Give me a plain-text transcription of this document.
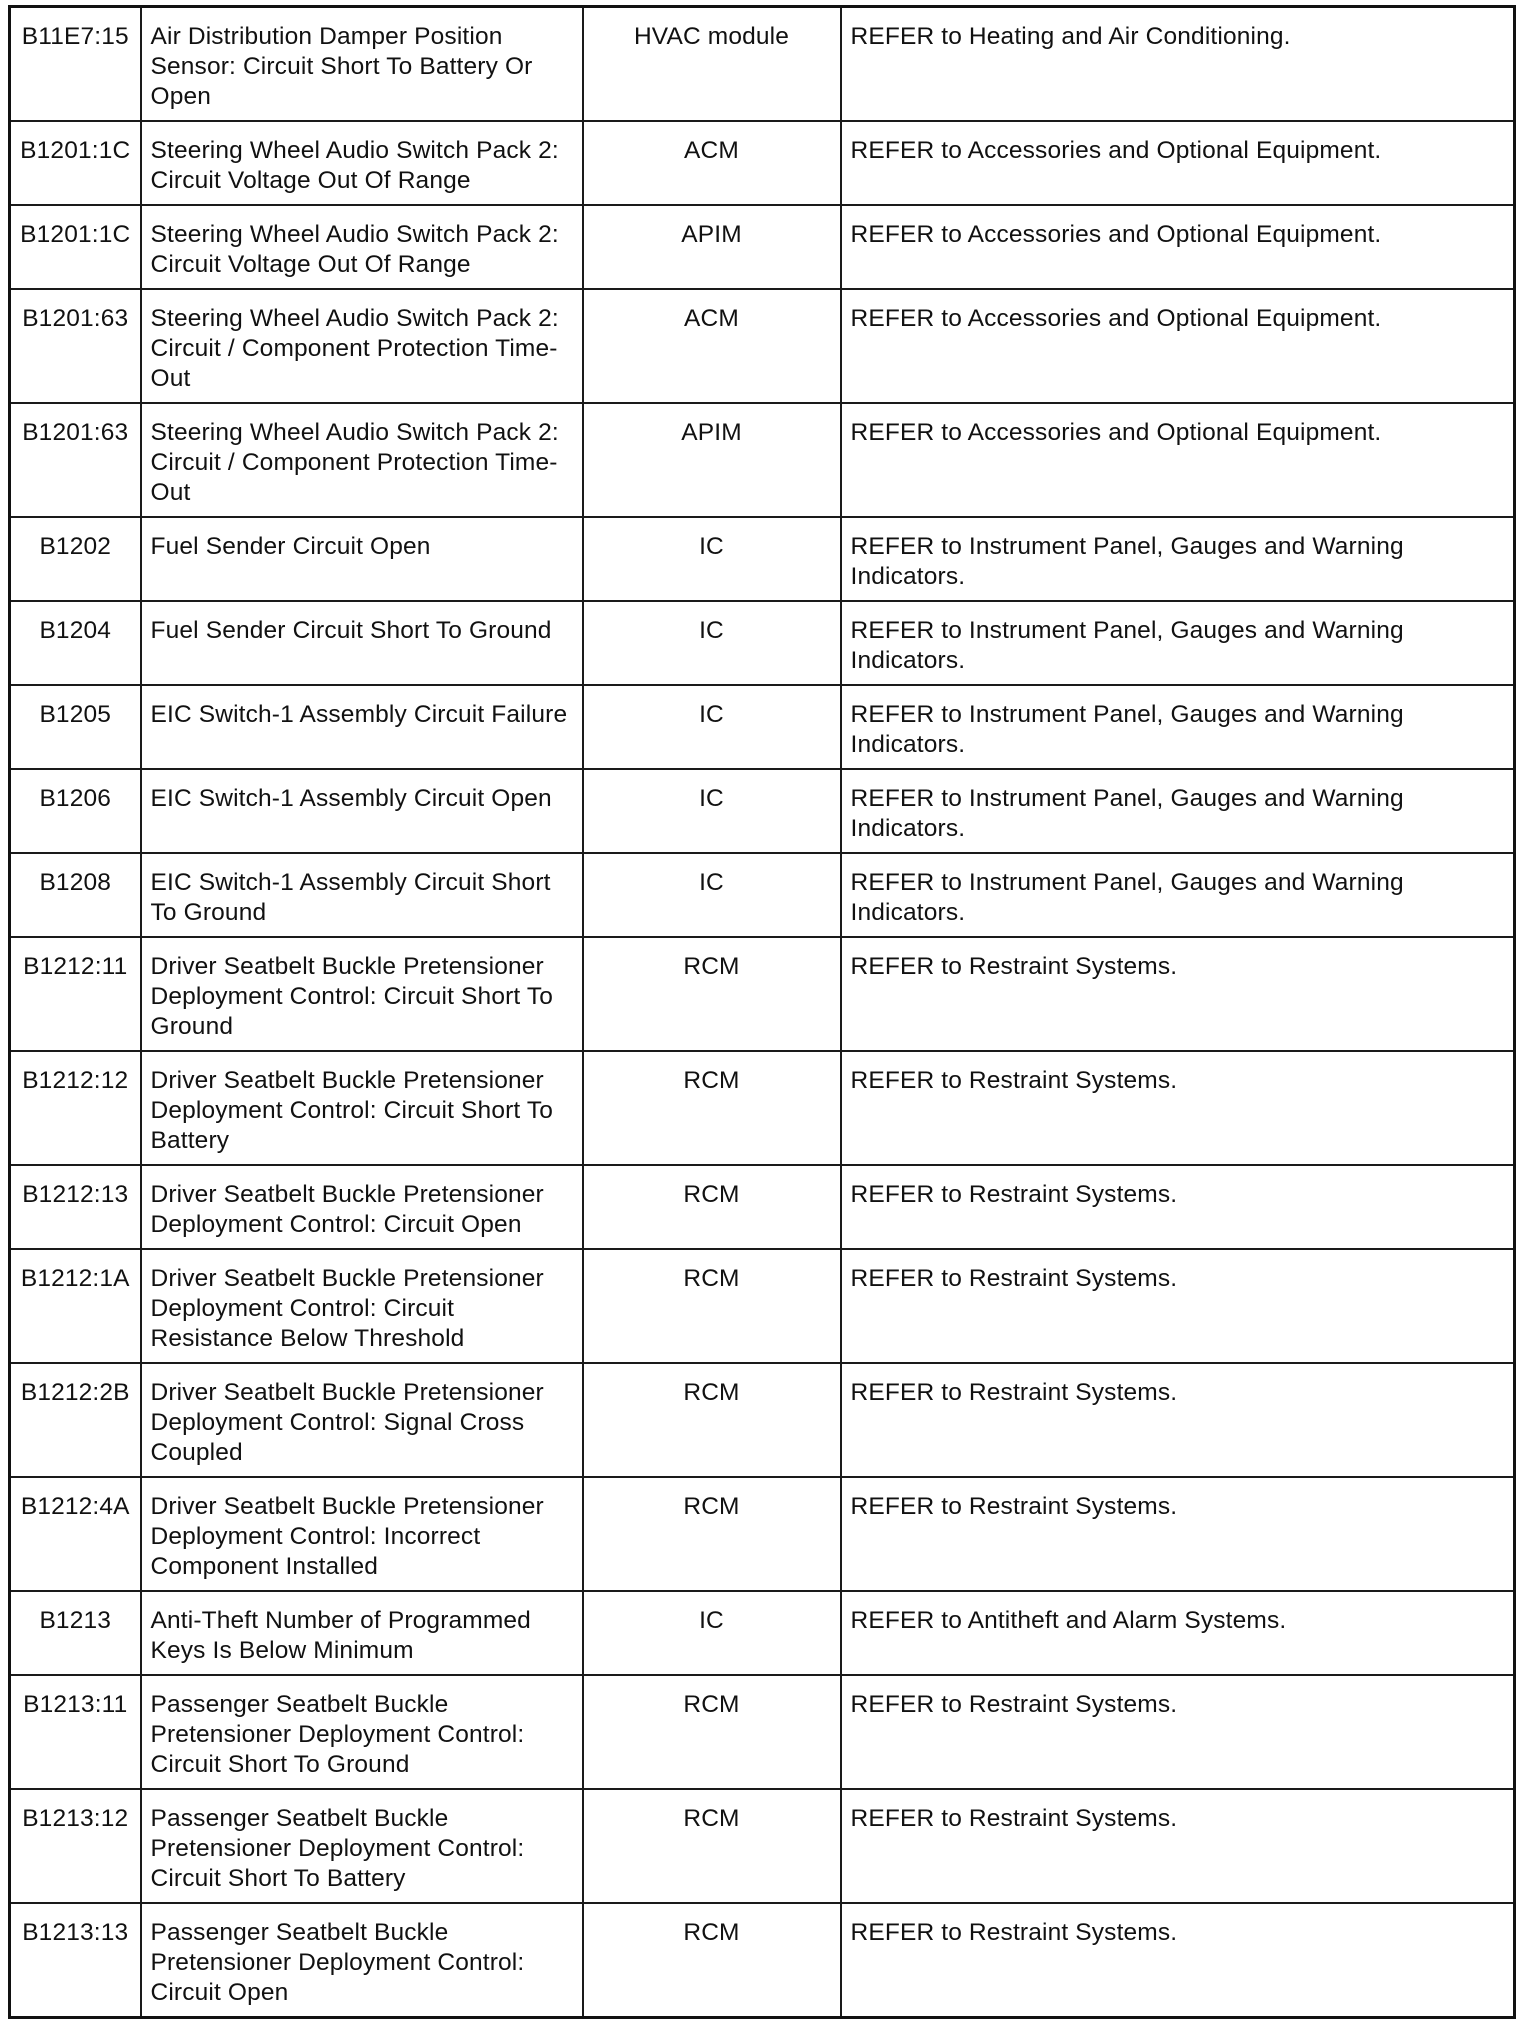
B11E7:15	Air Distribution Damper Position Sensor: Circuit Short To Battery Or Open	HVAC module	REFER to Heating and Air Conditioning.
B1201:1C	Steering Wheel Audio Switch Pack 2: Circuit Voltage Out Of Range	ACM	REFER to Accessories and Optional Equipment.
B1201:1C	Steering Wheel Audio Switch Pack 2: Circuit Voltage Out Of Range	APIM	REFER to Accessories and Optional Equipment.
B1201:63	Steering Wheel Audio Switch Pack 2: Circuit / Component Protection Time-Out	ACM	REFER to Accessories and Optional Equipment.
B1201:63	Steering Wheel Audio Switch Pack 2: Circuit / Component Protection Time-Out	APIM	REFER to Accessories and Optional Equipment.
B1202	Fuel Sender Circuit Open	IC	REFER to Instrument Panel, Gauges and Warning Indicators.
B1204	Fuel Sender Circuit Short To Ground	IC	REFER to Instrument Panel, Gauges and Warning Indicators.
B1205	EIC Switch-1 Assembly Circuit Failure	IC	REFER to Instrument Panel, Gauges and Warning Indicators.
B1206	EIC Switch-1 Assembly Circuit Open	IC	REFER to Instrument Panel, Gauges and Warning Indicators.
B1208	EIC Switch-1 Assembly Circuit Short To Ground	IC	REFER to Instrument Panel, Gauges and Warning Indicators.
B1212:11	Driver Seatbelt Buckle Pretensioner Deployment Control: Circuit Short To Ground	RCM	REFER to Restraint Systems.
B1212:12	Driver Seatbelt Buckle Pretensioner Deployment Control: Circuit Short To Battery	RCM	REFER to Restraint Systems.
B1212:13	Driver Seatbelt Buckle Pretensioner Deployment Control: Circuit Open	RCM	REFER to Restraint Systems.
B1212:1A	Driver Seatbelt Buckle Pretensioner Deployment Control: Circuit Resistance Below Threshold	RCM	REFER to Restraint Systems.
B1212:2B	Driver Seatbelt Buckle Pretensioner Deployment Control: Signal Cross Coupled	RCM	REFER to Restraint Systems.
B1212:4A	Driver Seatbelt Buckle Pretensioner Deployment Control: Incorrect Component Installed	RCM	REFER to Restraint Systems.
B1213	Anti-Theft Number of Programmed Keys Is Below Minimum	IC	REFER to Antitheft and Alarm Systems.
B1213:11	Passenger Seatbelt Buckle Pretensioner Deployment Control: Circuit Short To Ground	RCM	REFER to Restraint Systems.
B1213:12	Passenger Seatbelt Buckle Pretensioner Deployment Control: Circuit Short To Battery	RCM	REFER to Restraint Systems.
B1213:13	Passenger Seatbelt Buckle Pretensioner Deployment Control: Circuit Open	RCM	REFER to Restraint Systems.
